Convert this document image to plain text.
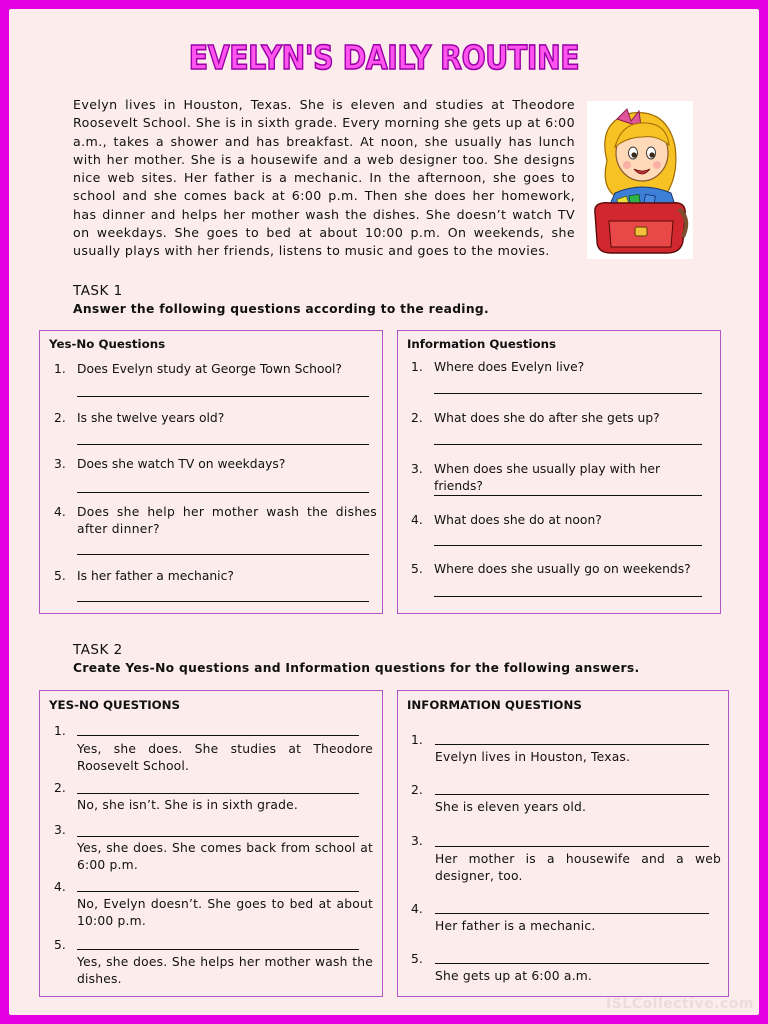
EVELYN'S DAILY ROUTINE
Evelyn lives in Houston, Texas. She is eleven and studies at Theodore Roosevelt School. She is in sixth grade. Every morning she gets up at 6:00 a.m., takes a shower and has breakfast. At noon, she usually has lunch with her mother. She is a housewife and a web designer too. She designs nice web sites. Her father is a mechanic. In the afternoon, she goes to school and she comes back at 6:00 p.m. Then she does her homework, has dinner and helps her mother wash the dishes. She doesn’t watch TV on weekdays. She goes to bed at about 10:00 p.m. On weekends, she usually plays with her friends, listens to music and goes to the movies.
TASK 1
Answer the following questions according to the reading.
Yes-No Questions
1. Does Evelyn study at George Town School?
2. Is she twelve years old?
3. Does she watch TV on weekdays?
4. Does she help her mother wash the dishes after dinner?
5. Is her father a mechanic?
Information Questions
1. Where does Evelyn live?
2. What does she do after she gets up?
3. When does she usually play with her friends?
4. What does she do at noon?
5. Where does she usually go on weekends?
TASK 2
Create Yes-No questions and Information questions for the following answers.
YES-NO QUESTIONS
1.
Yes, she does. She studies at Theodore Roosevelt School.
2.
No, she isn’t. She is in sixth grade.
3.
Yes, she does. She comes back from school at 6:00 p.m.
4.
No, Evelyn doesn’t. She goes to bed at about 10:00 p.m.
5.
Yes, she does. She helps her mother wash the dishes.
INFORMATION QUESTIONS
1.
Evelyn lives in Houston, Texas.
2.
She is eleven years old.
3.
Her mother is a housewife and a web designer, too.
4.
Her father is a mechanic.
5.
She gets up at 6:00 a.m.
ISLCollective.com
